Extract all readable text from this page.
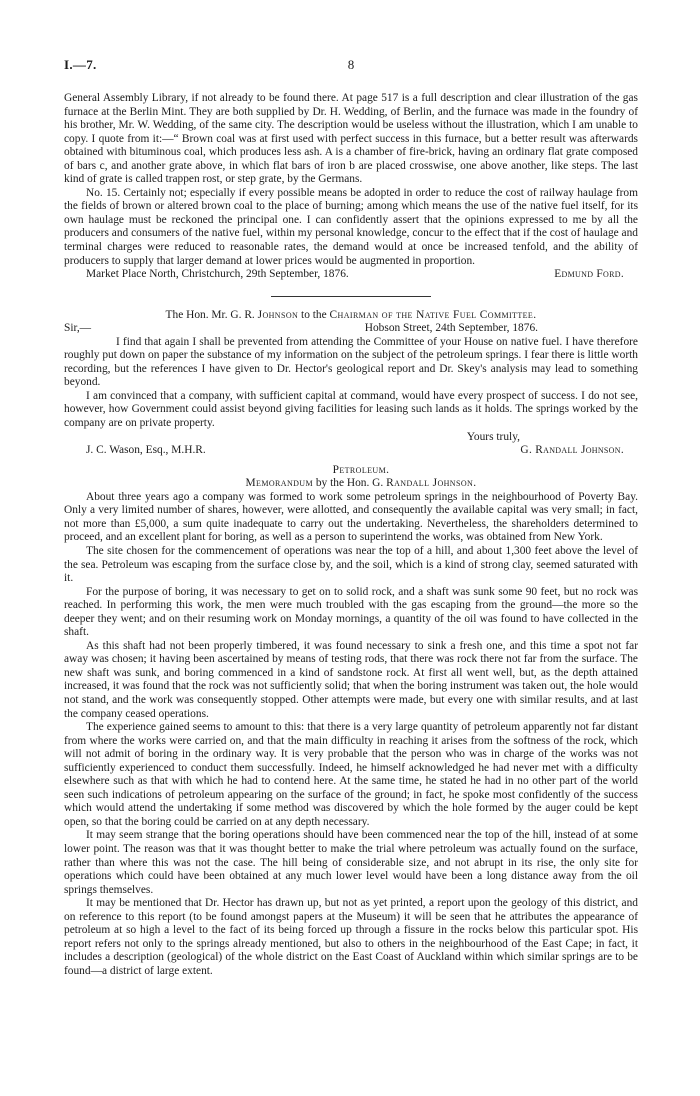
I.—7.	8

General Assembly Library, if not already to be found there. At page 517 is a full description and clear illustration of the gas furnace at the Berlin Mint. They are both supplied by Dr. H. Wedding, of Berlin, and the furnace was made in the foundry of his brother, Mr. W. Wedding, of the same city. The description would be useless without the illustration, which I am unable to copy. I quote from it:—“ Brown coal was at first used with perfect success in this furnace, but a better result was afterwards obtained with bituminous coal, which produces less ash. A is a chamber of fire-brick, having an ordinary flat grate composed of bars c, and another grate above, in which flat bars of iron b are placed crosswise, one above another, like steps. The last kind of grate is called trappen rost, or step grate, by the Germans.

No. 15. Certainly not; especially if every possible means be adopted in order to reduce the cost of railway haulage from the fields of brown or altered brown coal to the place of burning; among which means the use of the native fuel itself, for its own haulage must be reckoned the principal one. I can confidently assert that the opinions expressed to me by all the producers and consumers of the native fuel, within my personal knowledge, concur to the effect that if the cost of haulage and terminal charges were reduced to reasonable rates, the demand would at once be increased tenfold, and the ability of producers to supply that larger demand at lower prices would be augmented in proportion.

Market Place North, Christchurch, 29th September, 1876.	Edmund Ford.

The Hon. Mr. G. R. Johnson to the Chairman of the Native Fuel Committee.

Sir,—	Hobson Street, 24th September, 1876.

I find that again I shall be prevented from attending the Committee of your House on native fuel. I have therefore roughly put down on paper the substance of my information on the subject of the petroleum springs. I fear there is little worth recording, but the references I have given to Dr. Hector's geological report and Dr. Skey's analysis may lead to something beyond.

I am convinced that a company, with sufficient capital at command, would have every prospect of success. I do not see, however, how Government could assist beyond giving facilities for leasing such lands as it holds. The springs worked by the company are on private property.

Yours truly,
J. C. Wason, Esq., M.H.R.	G. Randall Johnson.

Petroleum.

Memorandum by the Hon. G. Randall Johnson.

About three years ago a company was formed to work some petroleum springs in the neighbourhood of Poverty Bay. Only a very limited number of shares, however, were allotted, and consequently the available capital was very small; in fact, not more than £5,000, a sum quite inadequate to carry out the undertaking. Nevertheless, the shareholders determined to proceed, and an excellent plant for boring, as well as a person to superintend the works, was obtained from New York.

The site chosen for the commencement of operations was near the top of a hill, and about 1,300 feet above the level of the sea. Petroleum was escaping from the surface close by, and the soil, which is a kind of strong clay, seemed saturated with it.

For the purpose of boring, it was necessary to get on to solid rock, and a shaft was sunk some 90 feet, but no rock was reached. In performing this work, the men were much troubled with the gas escaping from the ground—the more so the deeper they went; and on their resuming work on Monday mornings, a quantity of the oil was found to have collected in the shaft.

As this shaft had not been properly timbered, it was found necessary to sink a fresh one, and this time a spot not far away was chosen; it having been ascertained by means of testing rods, that there was rock there not far from the surface. The new shaft was sunk, and boring commenced in a kind of sandstone rock. At first all went well, but, as the depth attained increased, it was found that the rock was not sufficiently solid; that when the boring instrument was taken out, the hole would not stand, and the work was consequently stopped. Other attempts were made, but every one with similar results, and at last the company ceased operations.

The experience gained seems to amount to this: that there is a very large quantity of petroleum apparently not far distant from where the works were carried on, and that the main difficulty in reaching it arises from the softness of the rock, which will not admit of boring in the ordinary way. It is very probable that the person who was in charge of the works was not sufficiently experienced to conduct them successfully. Indeed, he himself acknowledged he had never met with a difficulty elsewhere such as that with which he had to contend here. At the same time, he stated he had in no other part of the world seen such indications of petroleum appearing on the surface of the ground; in fact, he spoke most confidently of the success which would attend the undertaking if some method was discovered by which the hole formed by the auger could be kept open, so that the boring could be carried on at any depth necessary.

It may seem strange that the boring operations should have been commenced near the top of the hill, instead of at some lower point. The reason was that it was thought better to make the trial where petroleum was actually found on the surface, rather than where this was not the case. The hill being of considerable size, and not abrupt in its rise, the only site for operations which could have been obtained at any much lower level would have been a long distance away from the oil springs themselves.

It may be mentioned that Dr. Hector has drawn up, but not as yet printed, a report upon the geology of this district, and on reference to this report (to be found amongst papers at the Museum) it will be seen that he attributes the appearance of petroleum at so high a level to the fact of its being forced up through a fissure in the rocks below this particular spot. His report refers not only to the springs already mentioned, but also to others in the neighbourhood of the East Cape; in fact, it includes a description (geological) of the whole district on the East Coast of Auckland within which similar springs are to be found—a district of large extent.
